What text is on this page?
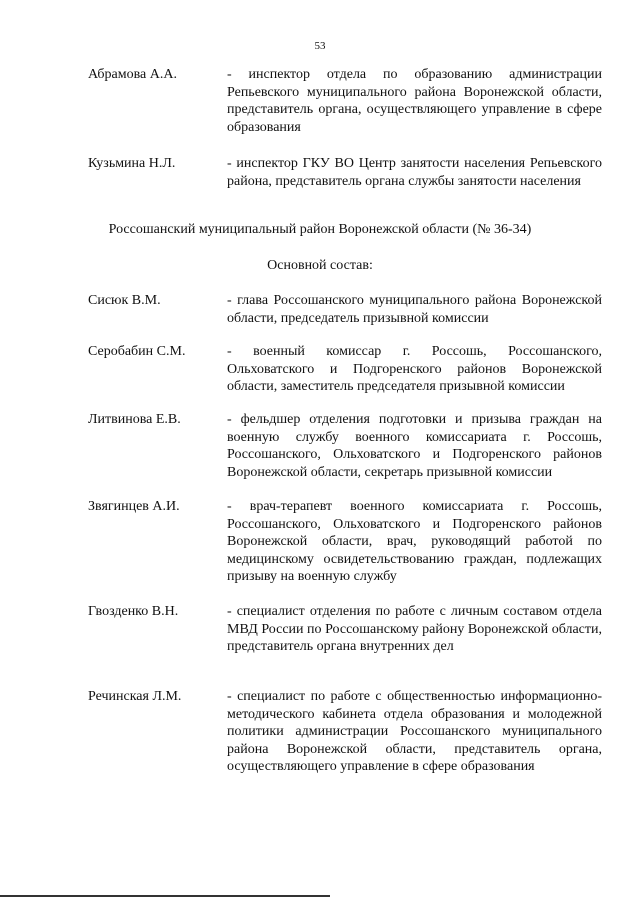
53
Абрамова А.А.	- инспектор отдела по образованию администрации Репьевского муниципального района Воронежской области, представитель органа, осуществляющего управление в сфере образования
Кузьмина Н.Л.	- инспектор ГКУ ВО Центр занятости населения Репьевского района, представитель органа службы занятости населения
Россошанский муниципальный район Воронежской области (№ 36-34)
Основной состав:
Сисюк В.М.	- глава Россошанского муниципального района Воронежской области, председатель призывной комиссии
Серобабин С.М.	- военный комиссар г. Россошь, Россошанского, Ольховатского и Подгоренского районов Воронежской области, заместитель председателя призывной комиссии
Литвинова Е.В.	- фельдшер отделения подготовки и призыва граждан на военную службу военного комиссариата г. Россошь, Россошанского, Ольховатского и Подгоренского районов Воронежской области, секретарь призывной комиссии
Звягинцев А.И.	- врач-терапевт военного комиссариата г. Россошь, Россошанского, Ольховатского и Подгоренского районов Воронежской области, врач, руководящий работой по медицинскому освидетельствованию граждан, подлежащих призыву на военную службу
Гвозденко В.Н.	- специалист отделения по работе с личным составом отдела МВД России по Россошанскому району Воронежской области, представитель органа внутренних дел
Речинская Л.М.	- специалист по работе с общественностью информационно-методического кабинета отдела образования и молодежной политики администрации Россошанского муниципального района Воронежской области, представитель органа, осуществляющего управление в сфере образования
